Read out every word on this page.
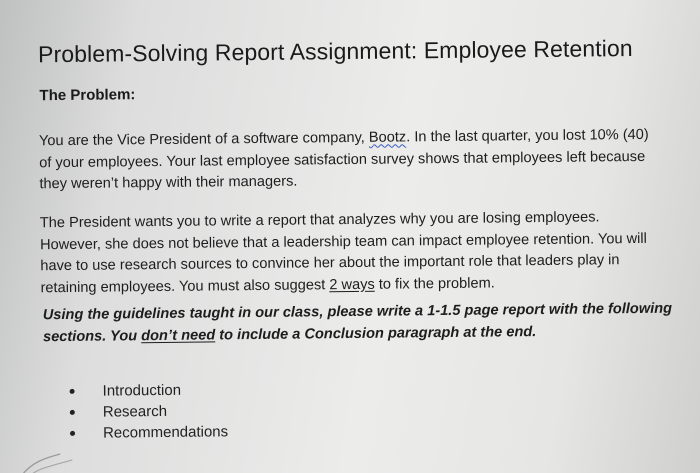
Problem-Solving Report Assignment: Employee Retention
The Problem:
You are the Vice President of a software company, Bootz. In the last quarter, you lost 10% (40)
of your employees. Your last employee satisfaction survey shows that employees left because
they weren’t happy with their managers.
The President wants you to write a report that analyzes why you are losing employees.
However, she does not believe that a leadership team can impact employee retention. You will
have to use research sources to convince her about the important role that leaders play in
retaining employees. You must also suggest 2 ways to fix the problem.
Using the guidelines taught in our class, please write a 1-1.5 page report with the following
sections. You don’t need to include a Conclusion paragraph at the end.
Introduction
Research
Recommendations
